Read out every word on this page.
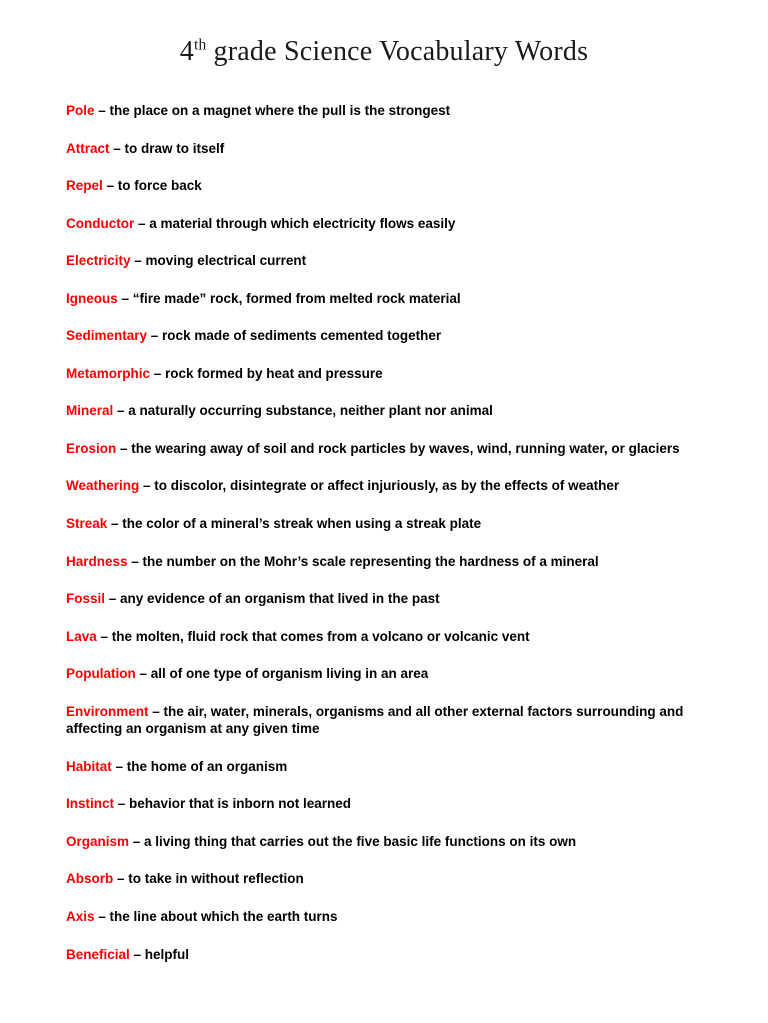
4th grade Science Vocabulary Words

Pole – the place on a magnet where the pull is the strongest

Attract – to draw to itself

Repel – to force back

Conductor – a material through which electricity flows easily

Electricity – moving electrical current

Igneous – “fire made” rock, formed from melted rock material

Sedimentary – rock made of sediments cemented together

Metamorphic – rock formed by heat and pressure

Mineral – a naturally occurring substance, neither plant nor animal

Erosion – the wearing away of soil and rock particles by waves, wind, running water, or glaciers

Weathering – to discolor, disintegrate or affect injuriously, as by the effects of weather

Streak – the color of a mineral’s streak when using a streak plate

Hardness – the number on the Mohr’s scale representing the hardness of a mineral

Fossil – any evidence of an organism that lived in the past

Lava – the molten, fluid rock that comes from a volcano or volcanic vent

Population – all of one type of organism living in an area

Environment – the air, water, minerals, organisms and all other external factors surrounding and affecting an organism at any given time

Habitat – the home of an organism

Instinct – behavior that is inborn not learned

Organism – a living thing that carries out the five basic life functions on its own

Absorb – to take in without reflection

Axis – the line about which the earth turns

Beneficial – helpful
